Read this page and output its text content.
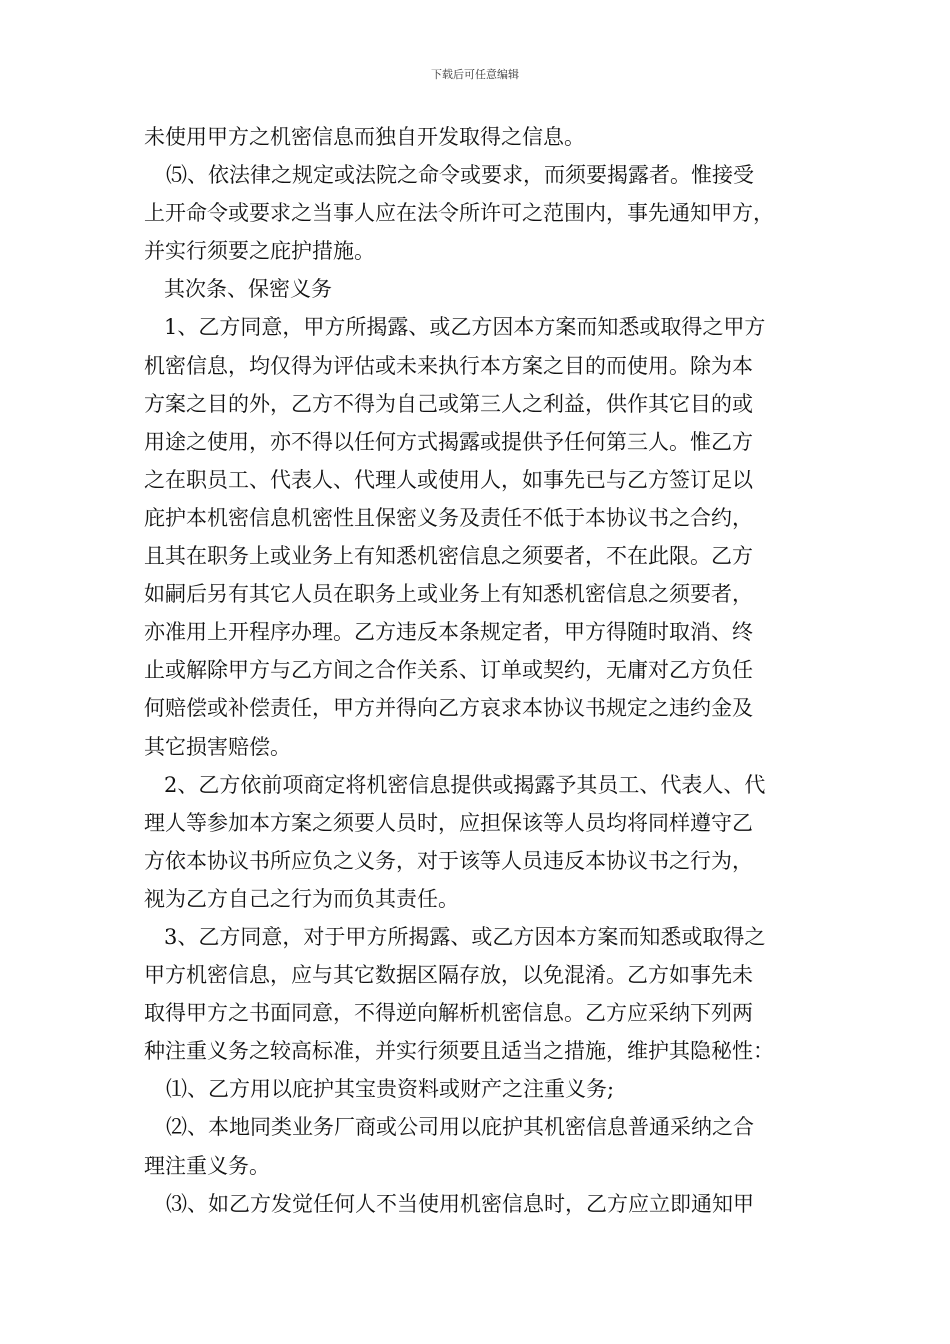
下载后可任意编辑
未使用甲方之机密信息而独自开发取得之信息。
⑸、依法律之规定或法院之命令或要求，而须要揭露者。惟接受
上开命令或要求之当事人应在法令所许可之范围内，事先通知甲方，
并实行须要之庇护措施。
其次条、保密义务
1、乙方同意，甲方所揭露、或乙方因本方案而知悉或取得之甲方
机密信息，均仅得为评估或未来执行本方案之目的而使用。除为本
方案之目的外，乙方不得为自己或第三人之利益，供作其它目的或
用途之使用，亦不得以任何方式揭露或提供予任何第三人。惟乙方
之在职员工、代表人、代理人或使用人，如事先已与乙方签订足以
庇护本机密信息机密性且保密义务及责任不低于本协议书之合约，
且其在职务上或业务上有知悉机密信息之须要者，不在此限。乙方
如嗣后另有其它人员在职务上或业务上有知悉机密信息之须要者，
亦准用上开程序办理。乙方违反本条规定者，甲方得随时取消、终
止或解除甲方与乙方间之合作关系、订单或契约，无庸对乙方负任
何赔偿或补偿责任，甲方并得向乙方哀求本协议书规定之违约金及
其它损害赔偿。
2、乙方依前项商定将机密信息提供或揭露予其员工、代表人、代
理人等参加本方案之须要人员时，应担保该等人员均将同样遵守乙
方依本协议书所应负之义务，对于该等人员违反本协议书之行为，
视为乙方自己之行为而负其责任。
3、乙方同意，对于甲方所揭露、或乙方因本方案而知悉或取得之
甲方机密信息，应与其它数据区隔存放，以免混淆。乙方如事先未
取得甲方之书面同意，不得逆向解析机密信息。乙方应采纳下列两
种注重义务之较高标准，并实行须要且适当之措施，维护其隐秘性：
⑴、乙方用以庇护其宝贵资料或财产之注重义务;
⑵、本地同类业务厂商或公司用以庇护其机密信息普通采纳之合
理注重义务。
⑶、如乙方发觉任何人不当使用机密信息时，乙方应立即通知甲
